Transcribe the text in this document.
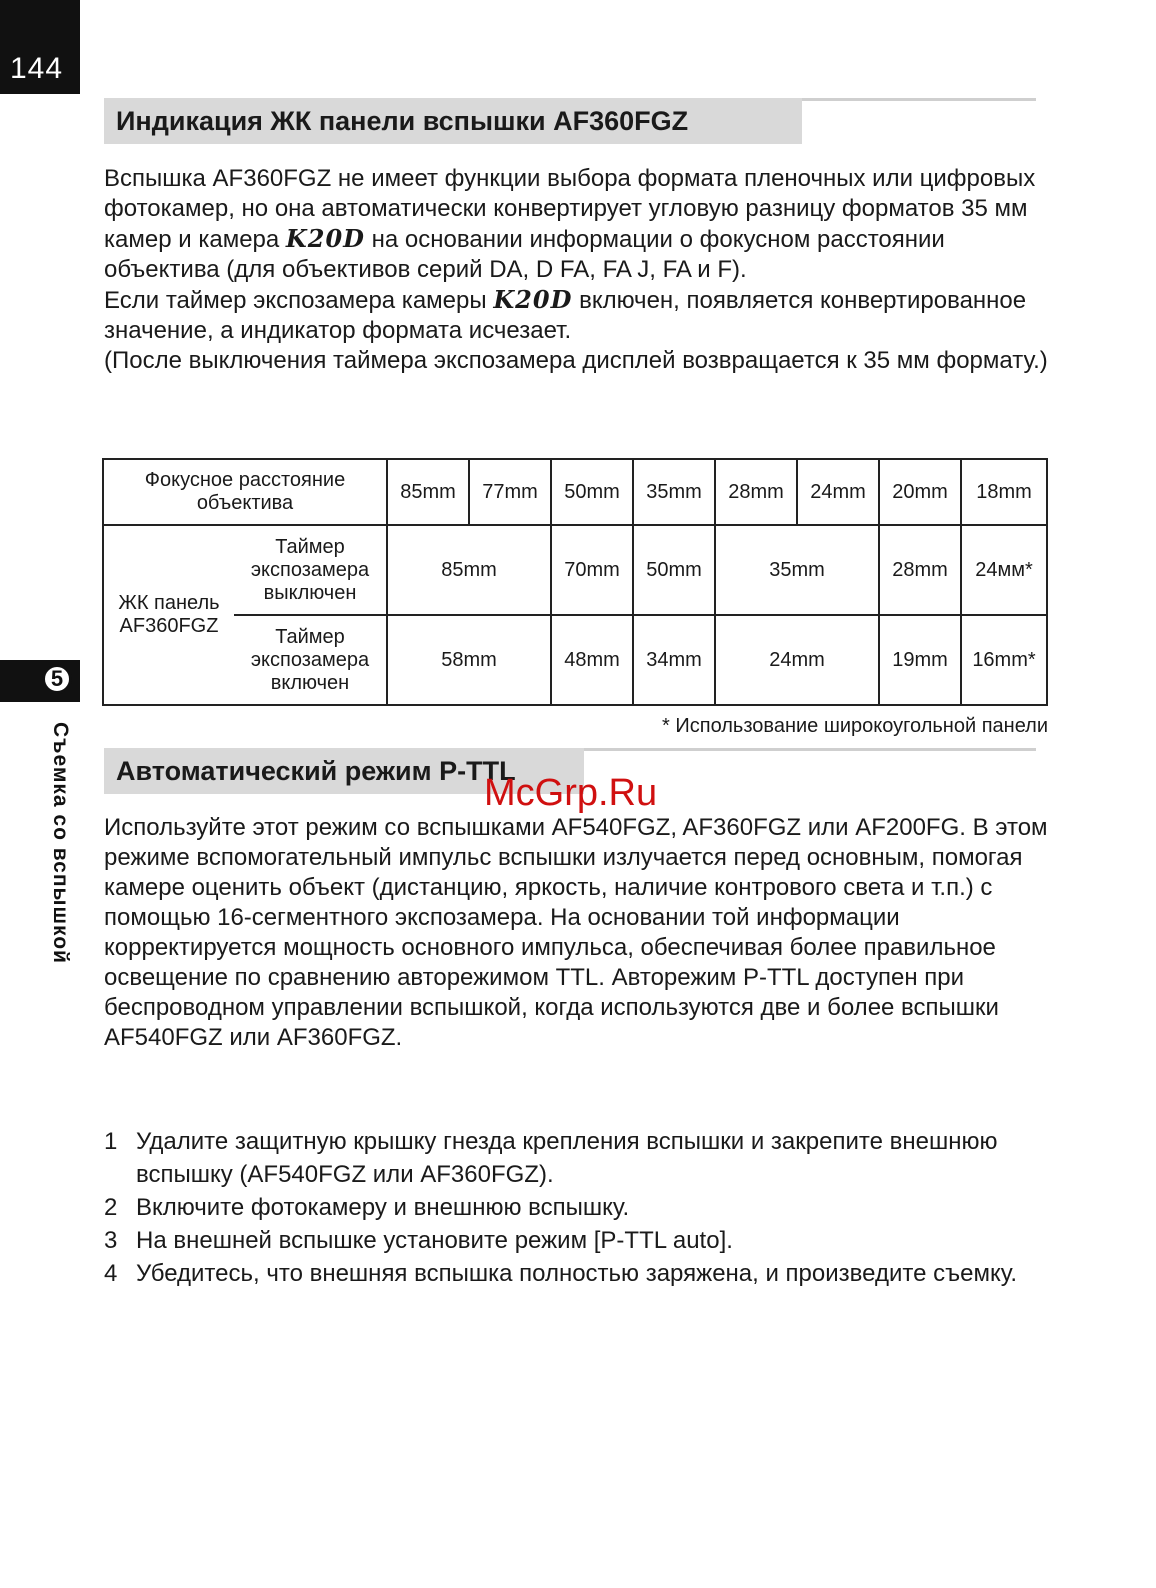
144
5
Съемка со вспышкой
Индикация ЖК панели вспышки AF360FGZ

Вспышка AF360FGZ не имеет функции выбора формата пленочных или цифровых фотокамер, но она автоматически конвертирует угловую разницу форматов 35 мм камер и камера K20D на основании информации о фокусном расстоянии объектива (для объективов серий DA, D FA, FA J, FA и F).

Если таймер экспозамера камеры K20D включен, появляется конвертированное значение, а индикатор формата исчезает.

(После выключения таймера экспозамера дисплей возвращается к 35 мм формату.)

Фокусное расстояние объектива		85mm	77mm	50mm	35mm	28mm	24mm	20mm	18mm
ЖК панель AF360FGZ	Таймер экспозамера выключен	85mm		70mm	50mm	35mm		28mm	24мм*
	Таймер экспозамера включен	58mm		48mm	34mm	24mm		19mm	16mm*
* Использование широкоугольной панели
Автоматический режим P-TTL
McGrp.Ru

Используйте этот режим со вспышками AF540FGZ, AF360FGZ или AF200FG. В этом режиме вспомогательный импульс вспышки излучается перед основным, помогая камере оценить объект (дистанцию, яркость, наличие контрового света и т.п.) с помощью 16-сегментного экспозамера. На основании той информации корректируется мощность основного импульса, обеспечивая более правильное освещение по сравнению авторежимом TTL. Авторежим P-TTL доступен при беспроводном управлении вспышкой, когда используются две и более вспышки AF540FGZ или AF360FGZ.

1 Удалите защитную крышку гнезда крепления вспышки и закрепите внешнюю вспышку (AF540FGZ или AF360FGZ).
2 Включите фотокамеру и внешнюю вспышку.
3 На внешней вспышке установите режим [P-TTL auto].
4 Убедитесь, что внешняя вспышка полностью заряжена, и произведите съемку.
